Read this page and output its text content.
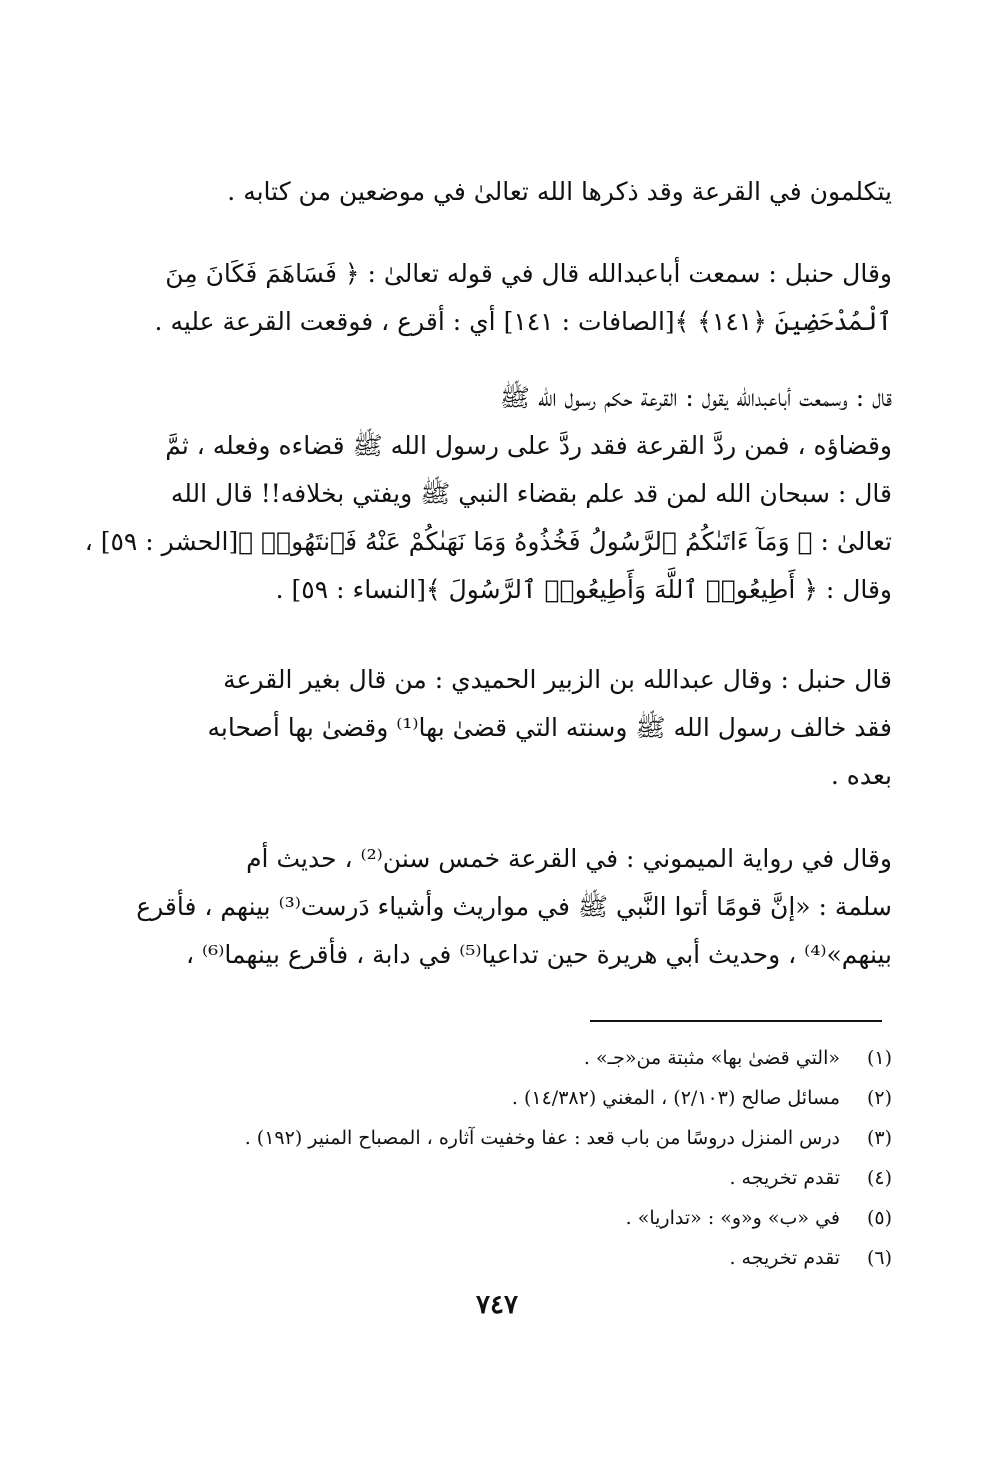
يتكلمون في القرعة وقد ذكرها الله تعالىٰ في موضعين من كتابه .
وقال حنبل : سمعت أباعبدالله قال في قوله تعالىٰ : ﴿ فَسَاهَمَ فَكَانَ مِنَ
ٱلْمُدْحَضِينَ ﴿١٤١﴾ ﴾[الصافات : ١٤١] أي : أقرع ، فوقعت القرعة عليه .
قال : وسمعت أباعبدالله يقول : القرعة حكم رسول الله ﷺ
وقضاؤه ، فمن ردَّ القرعة فقد ردَّ على رسول الله ﷺ قضاءه وفعله ، ثمَّ
قال : سبحان الله لمن قد علم بقضاء النبي ﷺ ويفتي بخلافه!! قال الله
تعالىٰ : ﴿ وَمَآ ءَاتَىٰكُمُ ٱلرَّسُولُ فَخُذُوهُ وَمَا نَهَىٰكُمْ عَنْهُ فَٱنتَهُوا۟ ﴾[الحشر : ٥٩] ،
وقال : ﴿ أَطِيعُوا۟ ٱللَّهَ وَأَطِيعُوا۟ ٱلرَّسُولَ ﴾[النساء : ٥٩] .
قال حنبل : وقال عبدالله بن الزبير الحميدي : من قال بغير القرعة
فقد خالف رسول الله ﷺ وسنته التي قضىٰ بها⁽¹⁾ وقضىٰ بها أصحابه
بعده .
وقال في رواية الميموني : في القرعة خمس سنن⁽²⁾ ، حديث أم
سلمة : «إنَّ قومًا أتوا النَّبي ﷺ في مواريث وأشياء دَرست⁽³⁾ بينهم ، فأقرع
بينهم»⁽⁴⁾ ، وحديث أبي هريرة حين تداعيا⁽⁵⁾ في دابة ، فأقرع بينهما⁽⁶⁾ ،
(١)
«التي قضىٰ بها» مثبتة من«جـ» .
(٢)
مسائل صالح (٢/١٠٣) ، المغني (١٤/٣٨٢) .
(٣)
درس المنزل دروسًا من باب قعد : عفا وخفيت آثاره ، المصباح المنير (١٩٢) .
(٤)
تقدم تخريجه .
(٥)
في «ب» و«و» : «تداريا» .
(٦)
تقدم تخريجه .
٧٤٧
